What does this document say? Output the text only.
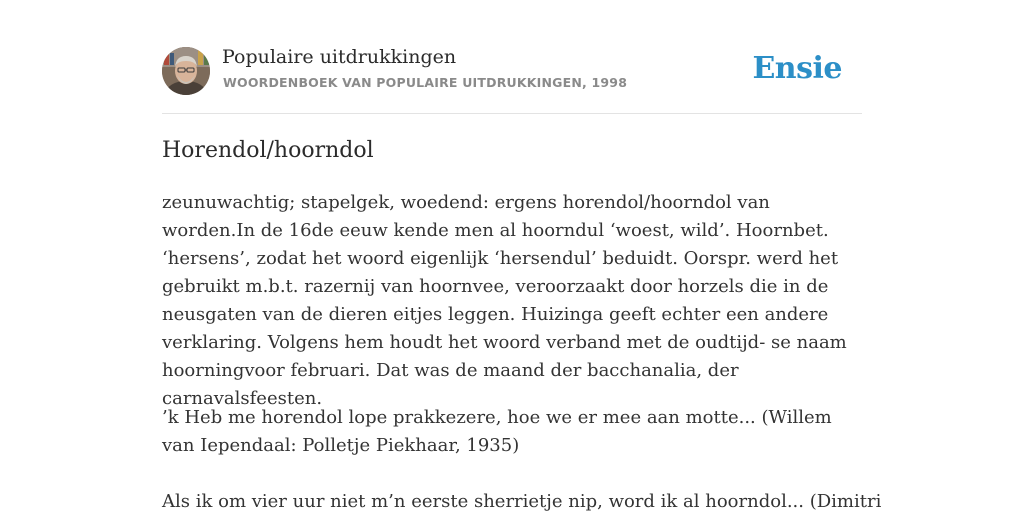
Populaire uitdrukkingen
WOORDENBOEK VAN POPULAIRE UITDRUKKINGEN, 1998	Ensie
Horendol/hoorndol

zeunuwachtig; stapelgek, woedend: ergens horendol/hoorndol van worden.In de 16de eeuw kende men al hoorndul ‘woest, wild’. Hoornbet. ‘hersens’, zodat het woord eigenlijk ‘hersendul’ beduidt. Oorspr. werd het gebruikt m.b.t. razernij van hoornvee, veroorzaakt door horzels die in de neusgaten van de dieren eitjes leggen. Huizinga geeft echter een andere verklaring. Volgens hem houdt het woord verband met de oudtijd- se naam hoorningvoor februari. Dat was de maand der bacchanalia, der carnavalsfeesten.

’k Heb me horendol lope prakkezere, hoe we er mee aan motte... (Willem van Iependaal: Polletje Piekhaar, 1935)
Als ik om vier uur niet m’n eerste sherrietje nip, word ik al hoorndol... (Dimitri
